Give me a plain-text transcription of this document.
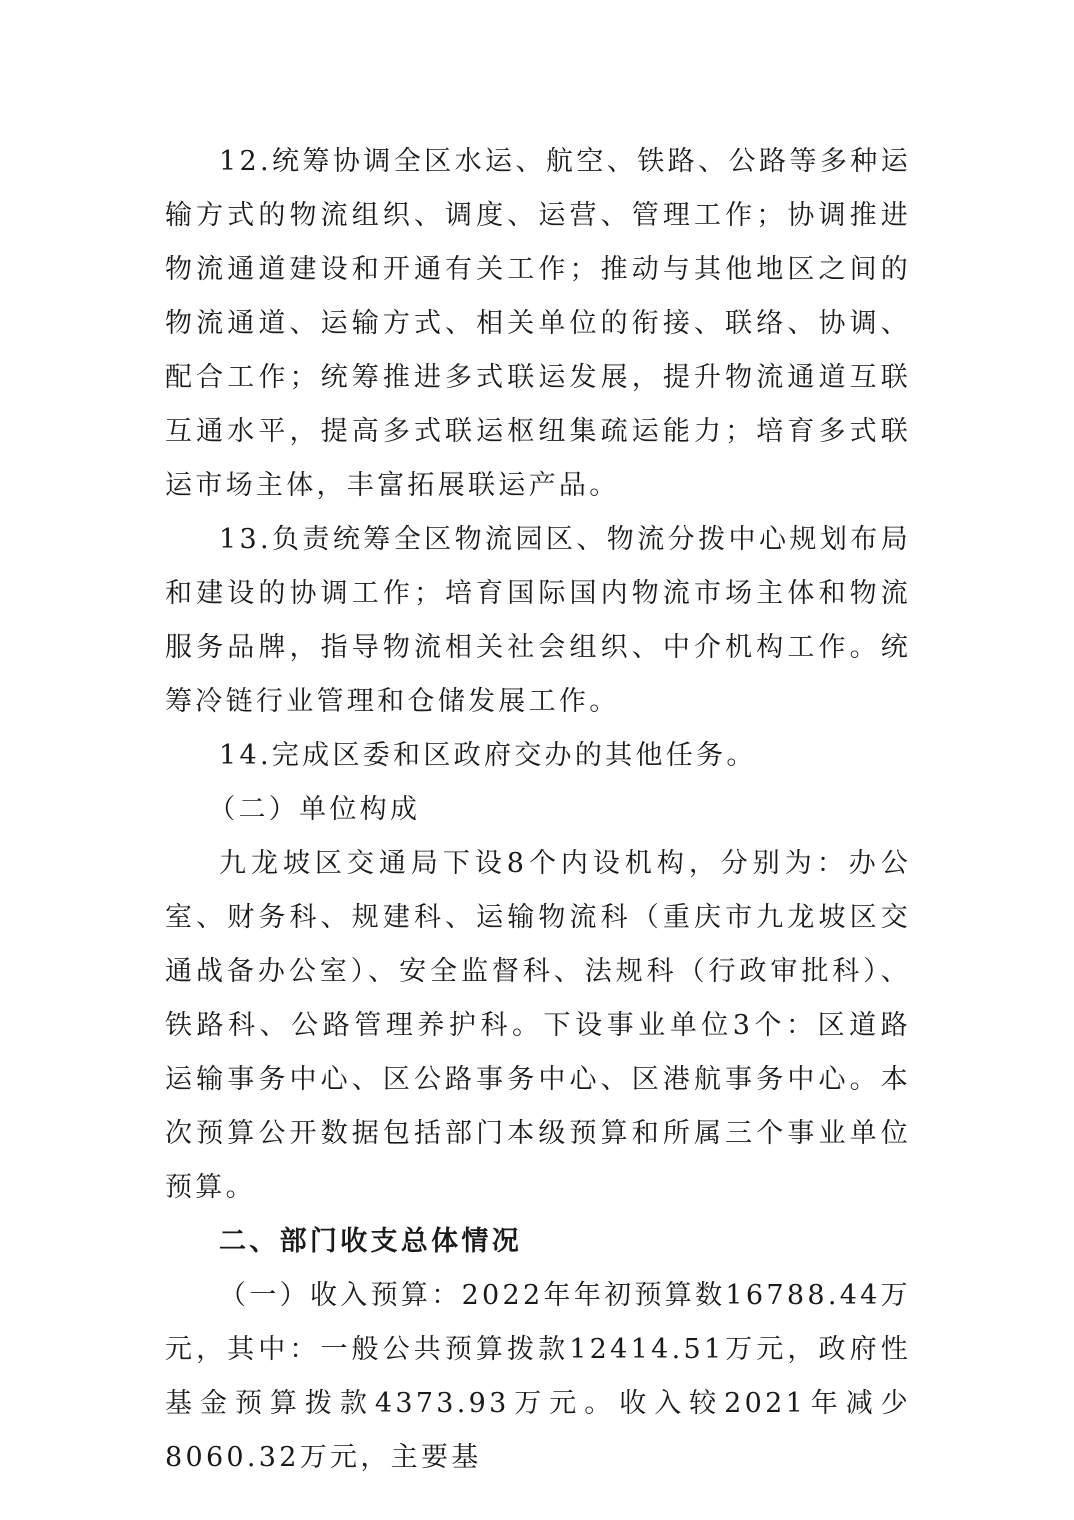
12.统筹协调全区水运、航空、铁路、公路等多种运输方式的物流组织、调度、运营、管理工作；协调推进物流通道建设和开通有关工作；推动与其他地区之间的物流通道、运输方式、相关单位的衔接、联络、协调、配合工作；统筹推进多式联运发展，提升物流通道互联互通水平，提高多式联运枢纽集疏运能力；培育多式联运市场主体，丰富拓展联运产品。

13.负责统筹全区物流园区、物流分拨中心规划布局和建设的协调工作；培育国际国内物流市场主体和物流服务品牌，指导物流相关社会组织、中介机构工作。统筹冷链行业管理和仓储发展工作。

14.完成区委和区政府交办的其他任务。

（二）单位构成

九龙坡区交通局下设8个内设机构，分别为：办公室、财务科、规建科、运输物流科（重庆市九龙坡区交通战备办公室）、安全监督科、法规科（行政审批科）、铁路科、公路管理养护科。下设事业单位3个：区道路运输事务中心、区公路事务中心、区港航事务中心。本次预算公开数据包括部门本级预算和所属三个事业单位预算。

二、部门收支总体情况

（一）收入预算：2022年年初预算数16788.44万元，其中：一般公共预算拨款12414.51万元，政府性基金预算拨款4373.93万元。收入较2021年减少8060.32万元，主要基
